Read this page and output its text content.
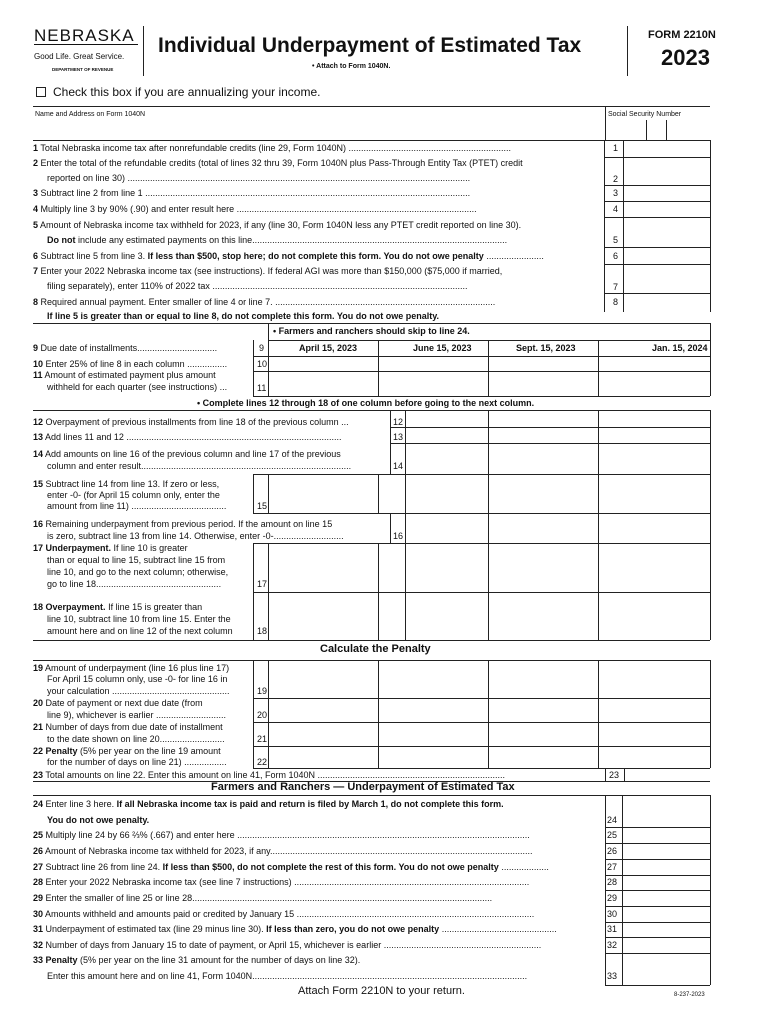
NEBRASKA
Good Life. Great Service.
DEPARTMENT OF REVENUE
Individual Underpayment of Estimated Tax
• Attach to Form 1040N.
FORM 2210N
2023
Check this box if you are annualizing your income.
Name and Address on Form 1040N	Social Security Number
1 Total Nebraska income tax after nonrefundable credits (line 29, Form 1040N) .................................................................	1
2 Enter the total of the refundable credits (total of lines 32 thru 39, Form 1040N plus Pass-Through Entity Tax (PTET) credit
reported on line 30) .........................................................................................................................................	2
3 Subtract line 2 from line 1 ..................................................................................................................................	3
4 Multiply line 3 by 90% (.90) and enter result here ................................................................................................	4
5 Amount of Nebraska income tax withheld for 2023, if any (line 30, Form 1040N less any PTET credit reported on line 30).
Do not include any estimated payments on this line......................................................................................................	5
6 Subtract line 5 from line 3. If less than $500, stop here; do not complete this form. You do not owe penalty .......................	6
7 Enter your 2022 Nebraska income tax (see instructions). If federal AGI was more than $150,000 ($75,000 if married,
filing separately), enter 110% of 2022 tax ......................................................................................................	7
8 Required annual payment. Enter smaller of line 4 or line 7. ........................................................................................	8
If line 5 is greater than or equal to line 8, do not complete this form. You do not owe penalty.
• Farmers and ranchers should skip to line 24.
April 15, 2023	June 15, 2023	Sept. 15, 2023	Jan. 15, 2024
9 Due date of installments................................	9
10 Enter 25% of line 8 in each column ................	10
11 Amount of estimated payment plus amount
withheld for each quarter (see instructions) ...	11
• Complete lines 12 through 18 of one column before going to the next column.
12 Overpayment of previous installments from line 18 of the previous column ...	12
13 Add lines 11 and 12 ......................................................................................	13
14 Add amounts on line 16 of the previous column and line 17 of the previous
column and enter result....................................................................................	14
15 Subtract line 14 from line 13. If zero or less,
enter -0- (for April 15 column only, enter the
amount from line 11) ......................................	15
16 Remaining underpayment from previous period. If the amount on line 15
is zero, subtract line 13 from line 14. Otherwise, enter -0-............................	16
17 Underpayment. If line 10 is greater
than or equal to line 15, subtract line 15 from
line 10, and go to the next column; otherwise,
go to line 18..................................................	17
18 Overpayment. If line 15 is greater than
line 10, subtract line 10 from line 15. Enter the
amount here and on line 12 of the next column	18
Calculate the Penalty
19 Amount of underpayment (line 16 plus line 17)
For April 15 column only, use -0- for line 16 in
your calculation ...............................................	19
20 Date of payment or next due date (from
line 9), whichever is earlier ............................	20
21 Number of days from due date of installment
to the date shown on line 20..........................	21
22 Penalty (5% per year on the line 19 amount
for the number of days on line 21) .................	22
23 Total amounts on line 22. Enter this amount on line 41, Form 1040N ...........................................................................	23
Farmers and Ranchers — Underpayment of Estimated Tax
24 Enter line 3 here. If all Nebraska income tax is paid and return is filed by March 1, do not complete this form.
You do not owe penalty.	24
25 Multiply line 24 by 66 ⅔% (.667) and enter here .....................................................................................................................	25
26 Amount of Nebraska income tax withheld for 2023, if any.........................................................................................................	26
27 Subtract line 26 from line 24. If less than $500, do not complete the rest of this form. You do not owe penalty ...................	27
28 Enter your 2022 Nebraska income tax (see line 7 instructions) ..............................................................................................	28
29 Enter the smaller of line 25 or line 28........................................................................................................................	29
30 Amounts withheld and amounts paid or credited by January 15 ...............................................................................................	30
31 Underpayment of estimated tax (line 29 minus line 30). If less than zero, you do not owe penalty ..............................................	31
32 Number of days from January 15 to date of payment, or April 15, whichever is earlier ...............................................................	32
33 Penalty (5% per year on the line 31 amount for the number of days on line 32).
Enter this amount here and on line 41, Form 1040N..............................................................................................................	33
Attach Form 2210N to your return.	8-237-2023
